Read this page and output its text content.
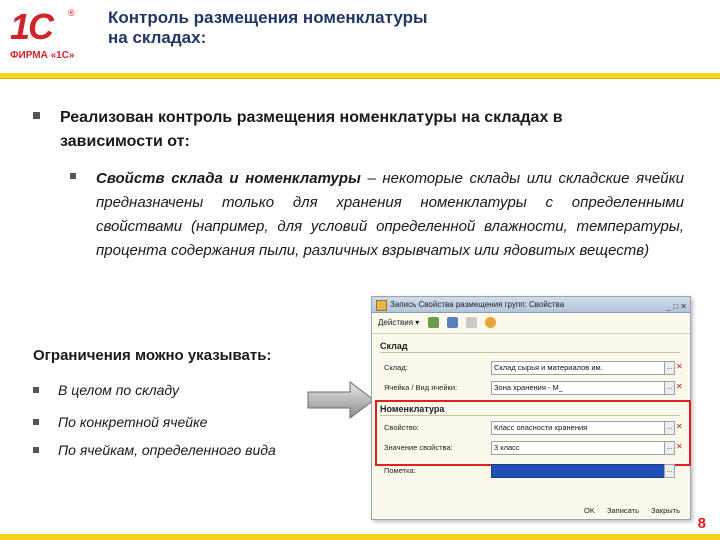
1С ®
ФИРМА «1С»
Контроль размещения номенклатуры
на складах:
Реализован контроль размещения номенклатуры на складах в
зависимости от:
Свойств склада и номенклатуры – некоторые склады или складские ячейки предназначены только для хранения номенклатуры с определенными свойствами (например, для условий определенной влажности, температуры, процента содержания пыли, различных взрывчатых или ядовитых веществ)
Ограничения можно указывать:
В целом по складу
По конкретной ячейке
По ячейкам, определенного вида
Запись Свойства размещения групп: Свойства	_ □ ✕
Действия ▾
Склад
Склад:	Склад сырья и материалов им.	… ✕
Ячейка / Вид ячейки:	Зона хранения - М_	… ✕
Номенклатура
Свойство:	Класс опасности хранения	… ✕
Значение свойства:	3 класс	… ✕
Пометка:	…
OK Записать Закрыть
8
